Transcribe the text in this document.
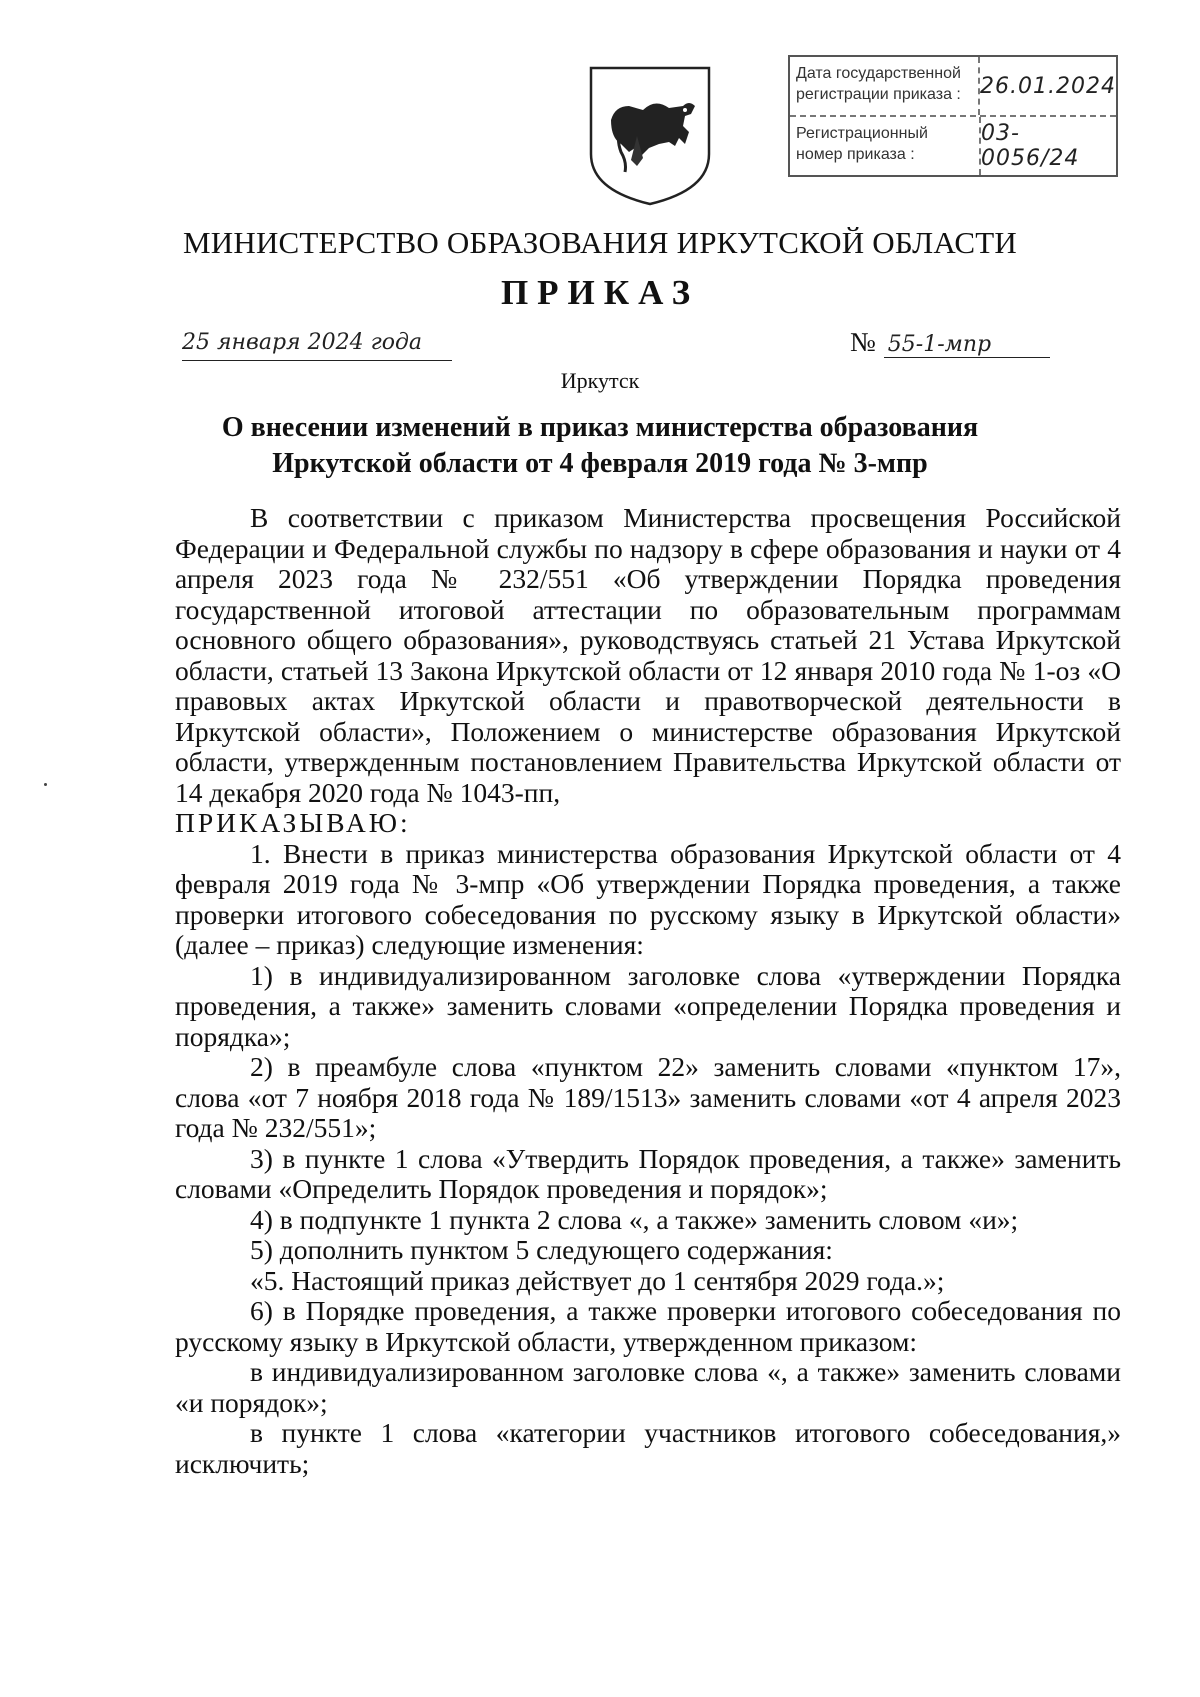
Дата государственной регистрации приказа : 26.01.2024
Регистрационный номер приказа :
03-0056/24
МИНИСТЕРСТВО ОБРАЗОВАНИЯ ИРКУТСКОЙ ОБЛАСТИ
ПРИКАЗ
25 января 2024 года	№ 55-1-мпр
Иркутск
О внесении изменений в приказ министерства образования
Иркутской области от 4 февраля 2019 года № 3-мпр

В соответствии с приказом Министерства просвещения Российской Федерации и Федеральной службы по надзору в сфере образования и науки от 4 апреля 2023 года № 232/551 «Об утверждении Порядка проведения государственной итоговой аттестации по образовательным программам основного общего образования», руководствуясь статьей 21 Устава Иркутской области, статьей 13 Закона Иркутской области от 12 января 2010 года № 1-оз «О правовых актах Иркутской области и правотворческой деятельности в Иркутской области», Положением о министерстве образования Иркутской области, утвержденным постановлением Правительства Иркутской области от 14 декабря 2020 года № 1043-пп,

ПРИКАЗЫВАЮ:

1. Внести в приказ министерства образования Иркутской области от 4 февраля 2019 года № 3-мпр «Об утверждении Порядка проведения, а также проверки итогового собеседования по русскому языку в Иркутской области» (далее – приказ) следующие изменения:

1) в индивидуализированном заголовке слова «утверждении Порядка проведения, а также» заменить словами «определении Порядка проведения и порядка»;

2) в преамбуле слова «пунктом 22» заменить словами «пунктом 17», слова «от 7 ноября 2018 года № 189/1513» заменить словами «от 4 апреля 2023 года № 232/551»;

3) в пункте 1 слова «Утвердить Порядок проведения, а также» заменить словами «Определить Порядок проведения и порядок»;

4) в подпункте 1 пункта 2 слова «, а также» заменить словом «и»;

5) дополнить пунктом 5 следующего содержания:

«5. Настоящий приказ действует до 1 сентября 2029 года.»;

6) в Порядке проведения, а также проверки итогового собеседования по русскому языку в Иркутской области, утвержденном приказом:

в индивидуализированном заголовке слова «, а также» заменить словами «и порядок»;

в пункте 1 слова «категории участников итогового собеседования,» исключить;
